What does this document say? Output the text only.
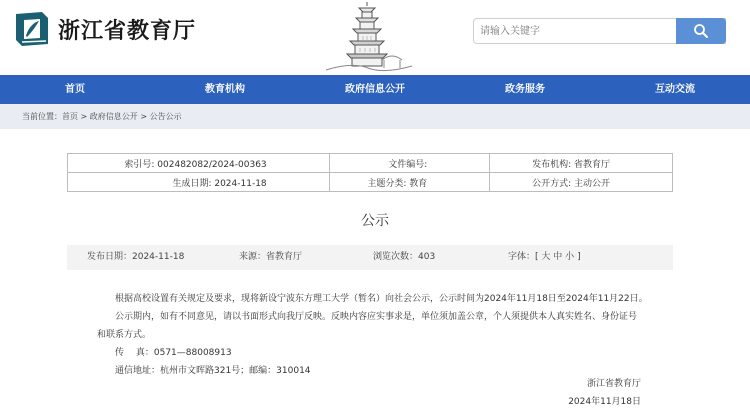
浙江省教育厅
请输入关键字
首页	教育机构	政府信息公开	政务服务	互动交流
当前位置：首页 > 政府信息公开 > 公告公示
索引号: 002482082/2024-00363	文件编号:	发布机构: 省教育厅
生成日期: 2024-11-18	主题分类: 教育	公开方式: 主动公开
公示
发布日期：2024-11-18	来源：省教育厅	浏览次数：403	字体：[ 大 中 小 ]

根据高校设置有关规定及要求，现将新设宁波东方理工大学（暂名）向社会公示，公示时间为2024年11月18日至2024年11月22日。

公示期内，如有不同意见，请以书面形式向我厅反映。反映内容应实事求是，单位须加盖公章，个人须提供本人真实姓名、身份证号

和联系方式。

传　 真：0571—88008913

通信地址：杭州市文晖路321号；邮编：310014

浙江省教育厅
2024年11月18日
